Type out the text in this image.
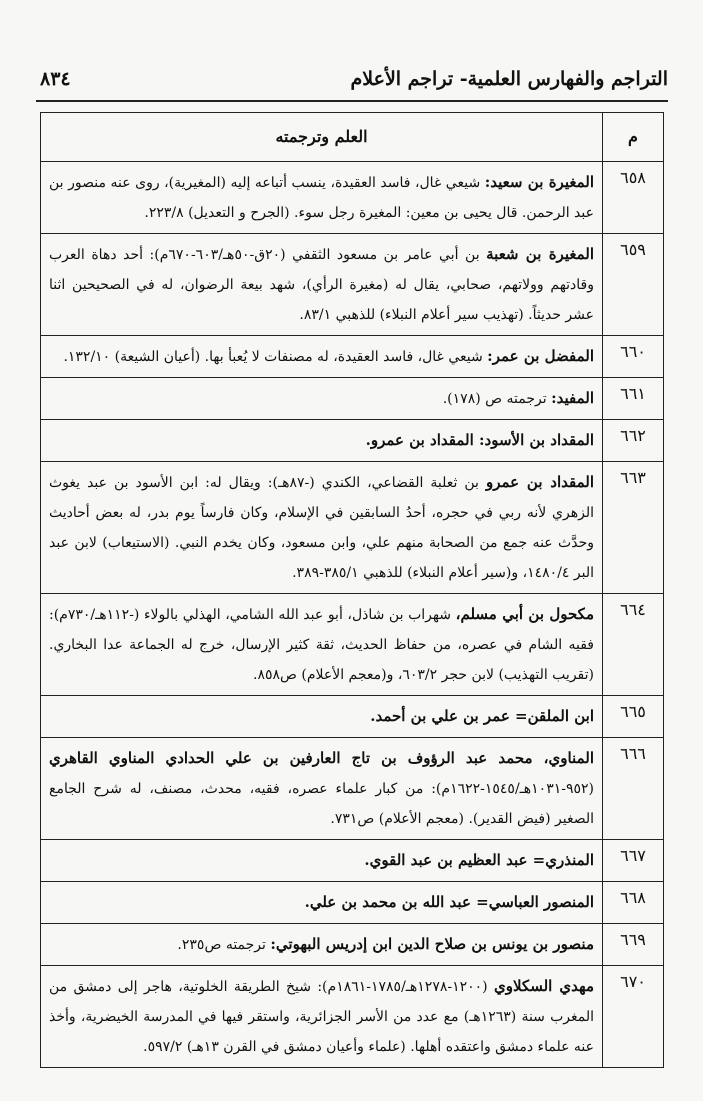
التراجم والفهارس العلمية- تراجم الأعلام
٨٣٤
م	العلم وترجمته
٦٥٨	المغيرة بن سعيد: شيعي غال، فاسد العقيدة، ينسب أتباعه إليه (المغيرية)، روى عنه منصور بن عبد الرحمن. قال يحيى بن معين: المغيرة رجل سوء. (الجرح و التعديل) ٢٢٣/٨.
٦٥٩	المغيرة بن شعبة بن أبي عامر بن مسعود الثقفي (٢٠ق-٥٠هـ/٦٠٣-٦٧٠م): أحد دهاة العرب وقادتهم وولاتهم، صحابي، يقال له (مغيرة الرأي)، شهد بيعة الرضوان، له في الصحيحين اثنا عشر حديثاً. (تهذيب سير أعلام النبلاء) للذهبي ٨٣/١.
٦٦٠	المفضل بن عمر: شيعي غال، فاسد العقيدة، له مصنفات لا يُعبأ بها. (أعيان الشيعة) ١٣٢/١٠.
٦٦١	المفيد: ترجمته ص (١٧٨).
٦٦٢	المقداد بن الأسود: المقداد بن عمرو.
٦٦٣	المقداد بن عمرو بن ثعلبة القضاعي، الكندي (-٨٧هـ): ويقال له: ابن الأسود بن عبد يغوث الزهري لأنه ربي في حجره، أحدُ السابقين في الإسلام، وكان فارساً يوم بدر، له بعض أحاديث وحدَّث عنه جمع من الصحابة منهم علي، وابن مسعود، وكان يخدم النبي. (الاستيعاب) لابن عبد البر ١٤٨٠/٤، و(سير أعلام النبلاء) للذهبي ٣٨٥/١-٣٨٩.
٦٦٤	مكحول بن أبي مسلم، شهراب بن شاذل، أبو عبد الله الشامي، الهذلي بالولاء (-١١٢هـ/٧٣٠م): فقيه الشام في عصره، من حفاظ الحديث، ثقة كثير الإرسال، خرج له الجماعة عدا البخاري. (تقريب التهذيب) لابن حجر ٦٠٣/٢، و(معجم الأعلام) ص٨٥٨.
٦٦٥	ابن الملقن= عمر بن علي بن أحمد.
٦٦٦	المناوي، محمد عبد الرؤوف بن تاج العارفين بن علي الحدادي المناوي القاهري (٩٥٢-١٠٣١هـ/١٥٤٥-١٦٢٢م): من كبار علماء عصره، فقيه، محدث، مصنف، له شرح الجامع الصغير (فيض القدير). (معجم الأعلام) ص٧٣١.
٦٦٧	المنذري= عبد العظيم بن عبد القوي.
٦٦٨	المنصور العباسي= عبد الله بن محمد بن علي.
٦٦٩	منصور بن يونس بن صلاح الدين ابن إدريس البهوتي: ترجمته ص٢٣٥.
٦٧٠	مهدي السكلاوي (١٢٠٠-١٢٧٨هـ/١٧٨٥-١٨٦١م): شيخ الطريقة الخلوتية، هاجر إلى دمشق من المغرب سنة (١٢٦٣هـ) مع عدد من الأسر الجزائرية، واستقر فيها في المدرسة الخيضرية، وأخذ عنه علماء دمشق واعتقده أهلها. (علماء وأعيان دمشق في القرن ١٣هـ) ٥٩٧/٢.
